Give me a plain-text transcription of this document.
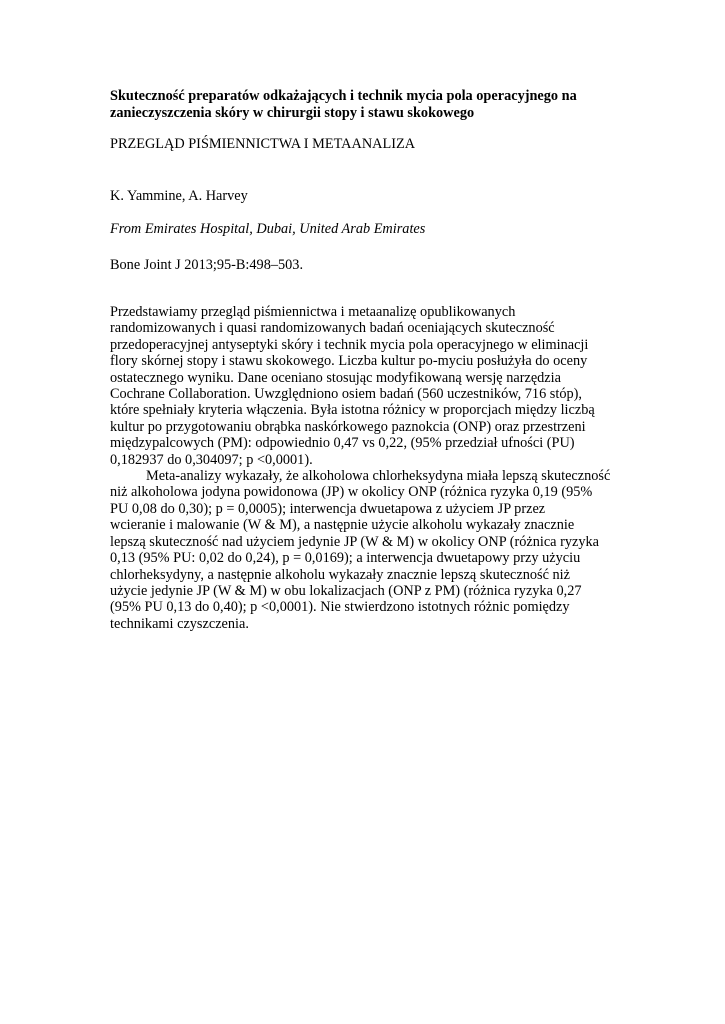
Skuteczność preparatów odkażających i technik mycia pola operacyjnego na
zanieczyszczenia skóry w chirurgii stopy i stawu skokowego
PRZEGLĄD PIŚMIENNICTWA I METAANALIZA
K. Yammine, A. Harvey
From Emirates Hospital, Dubai, United Arab Emirates
Bone Joint J 2013;95-B:498–503.
Przedstawiamy przegląd piśmiennictwa i metaanalizę opublikowanych
randomizowanych i quasi randomizowanych badań oceniających skuteczność
przedoperacyjnej antyseptyki skóry i technik mycia pola operacyjnego w eliminacji
flory skórnej stopy i stawu skokowego. Liczba kultur po-myciu posłużyła do oceny
ostatecznego wyniku. Dane oceniano stosując modyfikowaną wersję narzędzia
Cochrane Collaboration. Uwzględniono osiem badań (560 uczestników, 716 stóp),
które spełniały kryteria włączenia. Była istotna różnicy w proporcjach między liczbą
kultur po przygotowaniu obrąbka naskórkowego paznokcia (ONP) oraz przestrzeni
międzypalcowych (PM): odpowiednio 0,47 vs 0,22, (95% przedział ufności (PU)
0,182937 do 0,304097; p <0,0001).
Meta-analizy wykazały, że alkoholowa chlorheksydyna miała lepszą skuteczność
niż alkoholowa jodyna powidonowa (JP) w okolicy ONP (różnica ryzyka 0,19 (95%
PU 0,08 do 0,30); p = 0,0005); interwencja dwuetapowa z użyciem JP przez
wcieranie i malowanie (W & M), a następnie użycie alkoholu wykazały znacznie
lepszą skuteczność nad użyciem jedynie JP (W & M) w okolicy ONP (różnica ryzyka
0,13 (95% PU: 0,02 do 0,24), p = 0,0169); a interwencja dwuetapowy przy użyciu
chlorheksydyny, a następnie alkoholu wykazały znacznie lepszą skuteczność niż
użycie jedynie JP (W & M) w obu lokalizacjach (ONP z PM) (różnica ryzyka 0,27
(95% PU 0,13 do 0,40); p <0,0001). Nie stwierdzono istotnych różnic pomiędzy
technikami czyszczenia.
